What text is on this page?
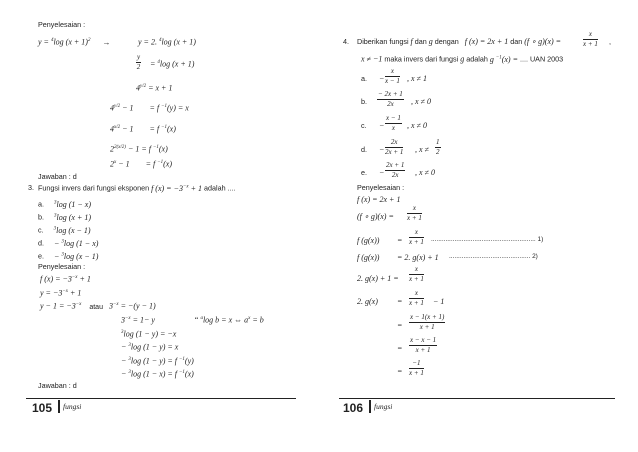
Penyelesaian :
y = $^4$log $(x + 1)^2$ →	y = 2. $^4$log (x + 1)
$\frac{y}{2} = ^4\log$ (x + 1)
$4^{y/2} = x + 1$
$4^{y/2} - 1 = f$ $^{-1}$(y) = x
$4^{x/2} - 1 = f$ $^{-1}$(x)
$2^{2(x/2)} - 1 = f$ $^{-1}$(x)
$2^x - 1 = f$ $^{-1}$(x)
Jawaban : d
3. Fungsi invers dari fungsi eksponen f $(x) = -3^{-x} + 1$ adalah ....
a. $^3$log (1 − x)
b. $^3$log (x + 1)
c. $^3$log (x − 1)
d. − $^3$log (1 − x)
e. − $^3$log (x − 1)
Penyelesaian :
f $(x) = -3^{-x} + 1$
$y = -3^{-x} + 1$
$y - 1 = -3^{-x}$ atau $3^{-x} = -(y - 1)$
$3^{-x} = 1- y$	“ $^a$log b = x ⇔ $a^x = b$
$^3$log (1 − y) = −x
− $^3$log (1 − y) = x
− $^3$log (1 − y) = f $^{-1}$(y)
− $^3$log (1 − x) = f $^{-1}$(x)
Jawaban : d
105 fungsi
4. Diberikan fungsi f dan g dengan f (x) = 2x + 1 dan (f ∘ g)(x) =	$\frac{x}{x + 1}$ ,
x ≠ −1 maka invers dari fungsi g adalah g $^{-1}$(x) = .... UAN 2003
a. − $\frac{x}{x - 1}$ , x ≠ 1
b. $\frac{- 2x + 1}{2x}$ , x ≠ 0
c. − $\frac{x - 1}{x}$ , x ≠ 0
d. − $\frac{2x}{2x + 1}$ , $x \ne \frac{1}{2}$
e. − $\frac{2x + 1}{2x}$ , x ≠ 0
Penyelesaian :
f (x) = 2x + 1
(f ∘ $g)(x) = \frac{x}{x + 1}$
f $(g(x)) = \frac{x}{x + 1}$ .......................................................... 1)
f (g(x)) = 2. g(x) + 1 ............................................. 2)
2. $g(x) + 1 = \frac{x}{x + 1}$
2. $g(x) = \frac{x}{x + 1} - 1$
= $\frac{x - 1(x + 1)}{x + 1}$
= $\frac{x - x - 1}{x + 1}$
= $\frac{-1}{x + 1}$
106 fungsi
